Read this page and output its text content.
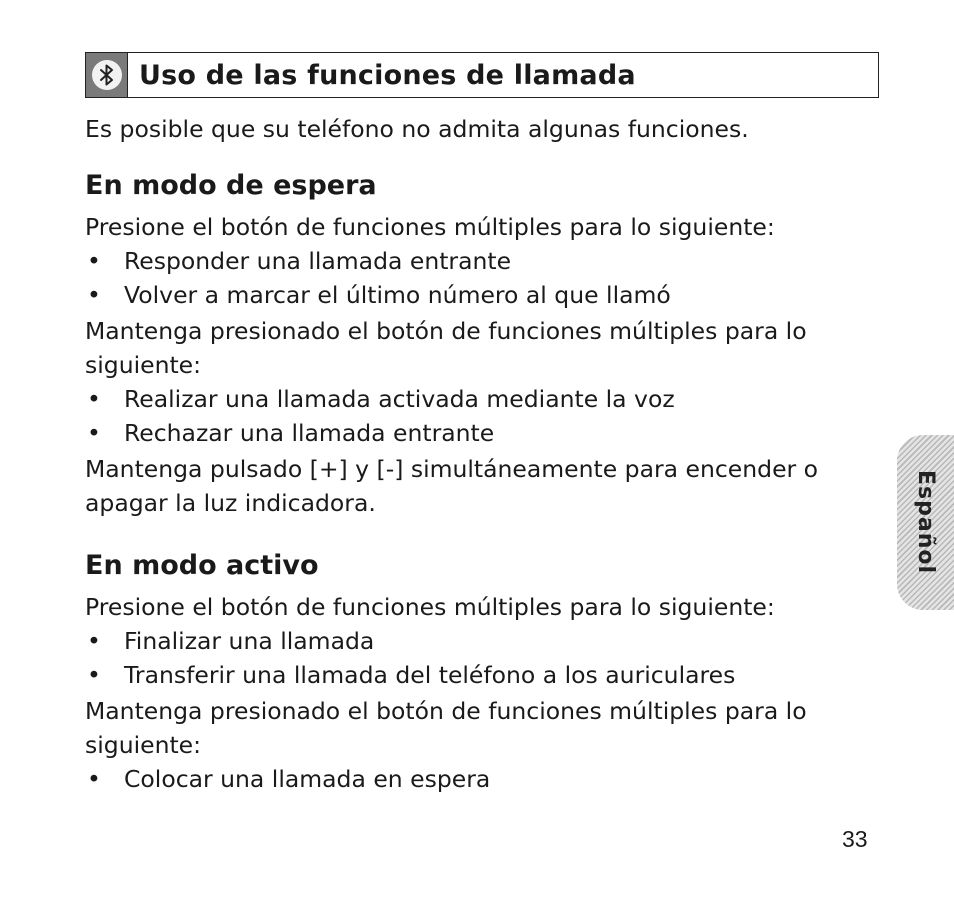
Uso de las funciones de llamada

Es posible que su teléfono no admita algunas funciones.

En modo de espera

Presione el botón de funciones múltiples para lo siguiente:

• Responder una llamada entrante
• Volver a marcar el último número al que llamó

Mantenga presionado el botón de funciones múltiples para lo siguiente:

• Realizar una llamada activada mediante la voz
• Rechazar una llamada entrante

Mantenga pulsado [+] y [-] simultáneamente para encender o apagar la luz indicadora.

En modo activo

Presione el botón de funciones múltiples para lo siguiente:

• Finalizar una llamada
• Transferir una llamada del teléfono a los auriculares

Mantenga presionado el botón de funciones múltiples para lo siguiente:

• Colocar una llamada en espera
Español
33
